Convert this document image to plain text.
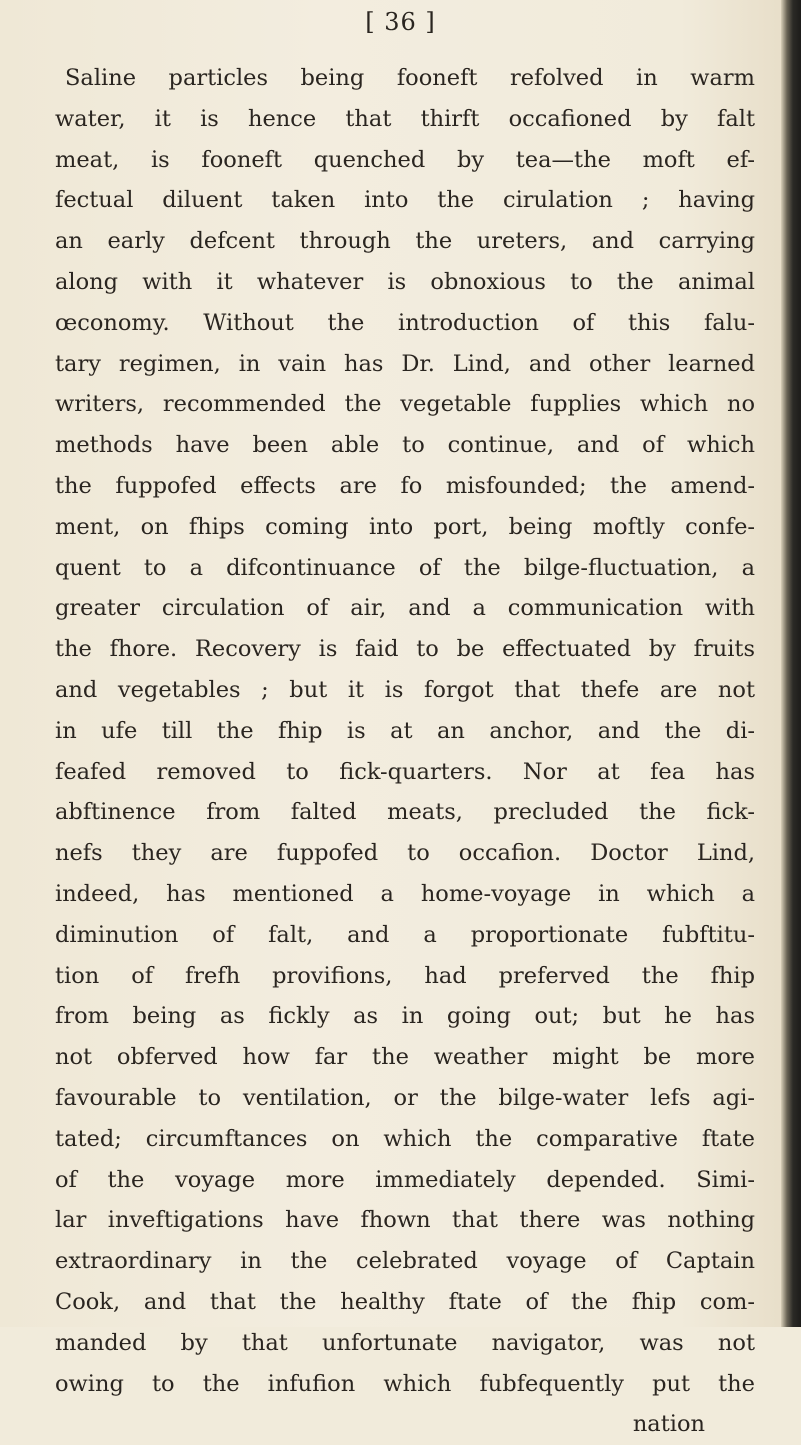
[ 36 ]
Saline particles being fooneft refolved in warm
water, it is hence that thirft occafioned by falt
meat, is fooneft quenched by tea—the moft ef-
fectual diluent taken into the cirulation ; having
an early defcent through the ureters, and carrying
along with it whatever is obnoxious to the animal
œconomy. Without the introduction of this falu-
tary regimen, in vain has Dr. Lind, and other learned
writers, recommended the vegetable fupplies which no
methods have been able to continue, and of which
the fuppofed effects are fo misfounded; the amend-
ment, on fhips coming into port, being moftly confe-
quent to a difcontinuance of the bilge-fluctuation, a
greater circulation of air, and a communication with
the fhore. Recovery is faid to be effectuated by fruits
and vegetables ; but it is forgot that thefe are not
in ufe till the fhip is at an anchor, and the di-
feafed removed to fick-quarters. Nor at fea has
abftinence from falted meats, precluded the fick-
nefs they are fuppofed to occafion. Doctor Lind,
indeed, has mentioned a home-voyage in which a
diminution of falt, and a proportionate fubftitu-
tion of frefh provifions, had preferved the fhip
from being as fickly as in going out; but he has
not obferved how far the weather might be more
favourable to ventilation, or the bilge-water lefs agi-
tated; circumftances on which the comparative ftate
of the voyage more immediately depended. Simi-
lar inveftigations have fhown that there was nothing
extraordinary in the celebrated voyage of Captain
Cook, and that the healthy ftate of the fhip com-
manded by that unfortunate navigator, was not
owing to the infufion which fubfequently put the
nation
